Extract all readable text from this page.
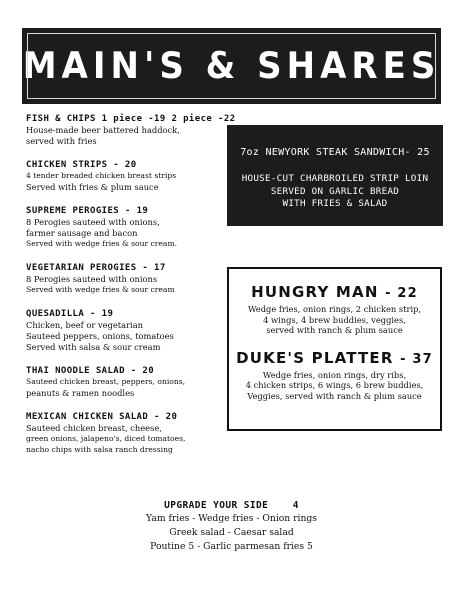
MAIN'S & SHARES
FISH & CHIPS 1 piece -19 2 piece -22
House-made beer battered haddock,
served with fries
CHICKEN STRIPS - 20
4 tender breaded chicken breast strips
Served with fries & plum sauce
SUPREME PEROGIES - 19
8 Perogies sauteed with onions,
farmer sausage and bacon
Served with wedge fries & sour cream.
VEGETARIAN PEROGIES - 17
8 Perogies sauteed with onions
Served with wedge fries & sour cream
QUESADILLA - 19
Chicken, beef or vegetarian
Sauteed peppers, onions, tomatoes
Served with salsa & sour cream
THAI NOODLE SALAD - 20
Sauteed chicken breast, peppers, onions,
peanuts & ramen noodles
MEXICAN CHICKEN SALAD - 20
Sauteed chicken breast, cheese,
green onions, jalapeno's, diced tomatoes,
nacho chips with salsa ranch dressing
7oz NEWYORK STEAK SANDWICH- 25
HOUSE-CUT CHARBROILED STRIP LOIN
SERVED ON GARLIC BREAD
WITH FRIES & SALAD
HUNGRY MAN - 22
Wedge fries, onion rings, 2 chicken strip,
4 wings, 4 brew buddies, veggies,
served with ranch & plum sauce
DUKE'S PLATTER - 37
Wedge fries, onion rings, dry ribs,
4 chicken strips, 6 wings, 6 brew buddies,
Veggies, served with ranch & plum sauce
UPGRADE YOUR SIDE	4
Yam fries - Wedge fries - Onion rings
Greek salad - Caesar salad
Poutine 5 - Garlic parmesan fries 5
